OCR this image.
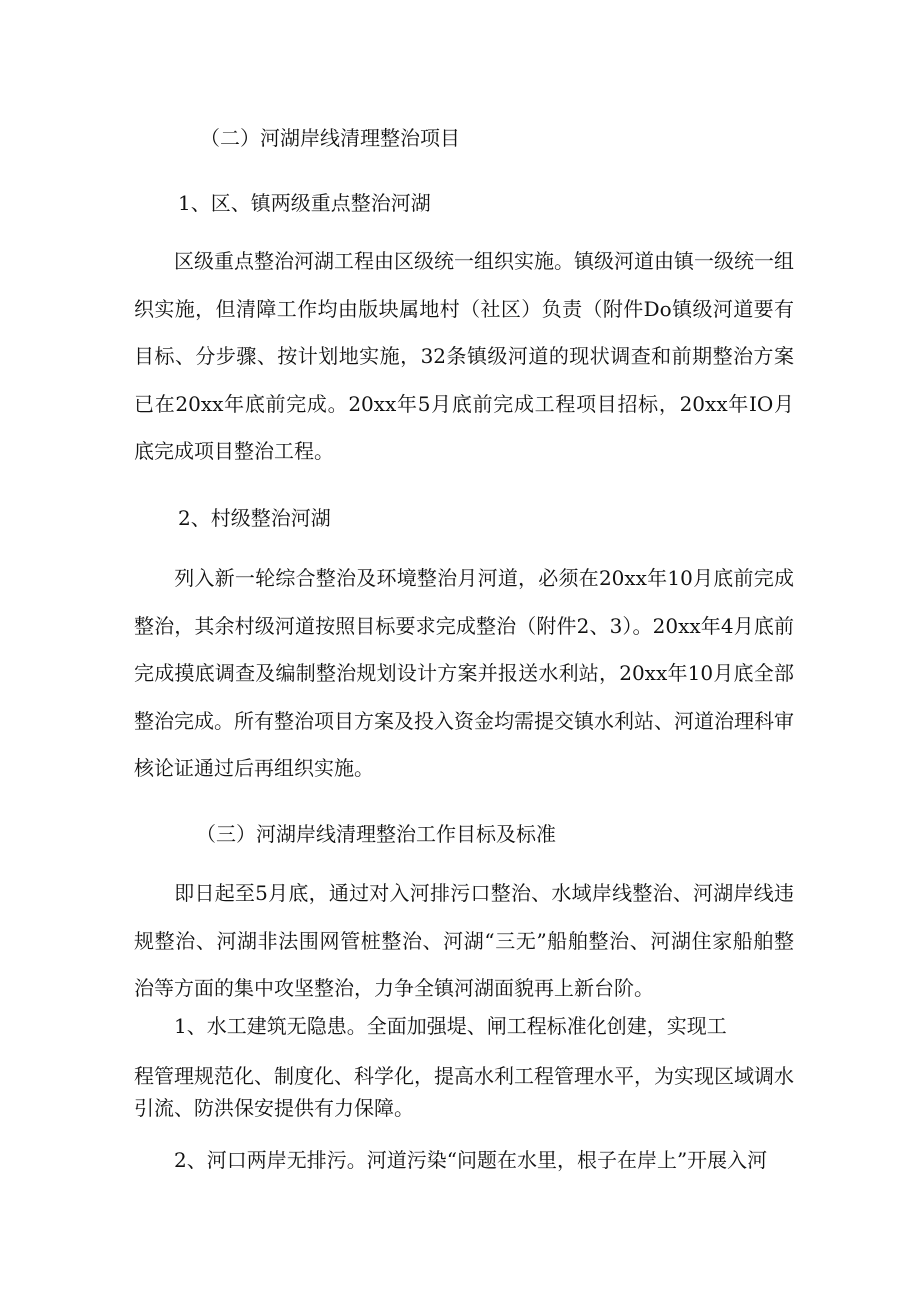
（二）河湖岸线清理整治项目
1、区、镇两级重点整治河湖
区级重点整治河湖工程由区级统一组织实施。镇级河道由镇一级统一组织实施，但清障工作均由版块属地村（社区）负责（附件Do镇级河道要有目标、分步骤、按计划地实施，32条镇级河道的现状调查和前期整治方案已在20xx年底前完成。20xx年5月底前完成工程项目招标，20xx年IO月底完成项目整治工程。
2、村级整治河湖
列入新一轮综合整治及环境整治月河道，必须在20xx年10月底前完成整治，其余村级河道按照目标要求完成整治（附件2、3）。20xx年4月底前完成摸底调查及编制整治规划设计方案并报送水利站，20xx年10月底全部整治完成。所有整治项目方案及投入资金均需提交镇水利站、河道治理科审核论证通过后再组织实施。
（三）河湖岸线清理整治工作目标及标准
即日起至5月底，通过对入河排污口整治、水域岸线整治、河湖岸线违规整治、河湖非法围网管桩整治、河湖“三无”船舶整治、河湖住家船舶整治等方面的集中攻坚整治，力争全镇河湖面貌再上新台阶。
1、水工建筑无隐患。全面加强堤、闸工程标准化创建，实现工
程管理规范化、制度化、科学化，提高水利工程管理水平，为实现区域调水引流、防洪保安提供有力保障。
2、河口两岸无排污。河道污染“问题在水里，根子在岸上”开展入河
